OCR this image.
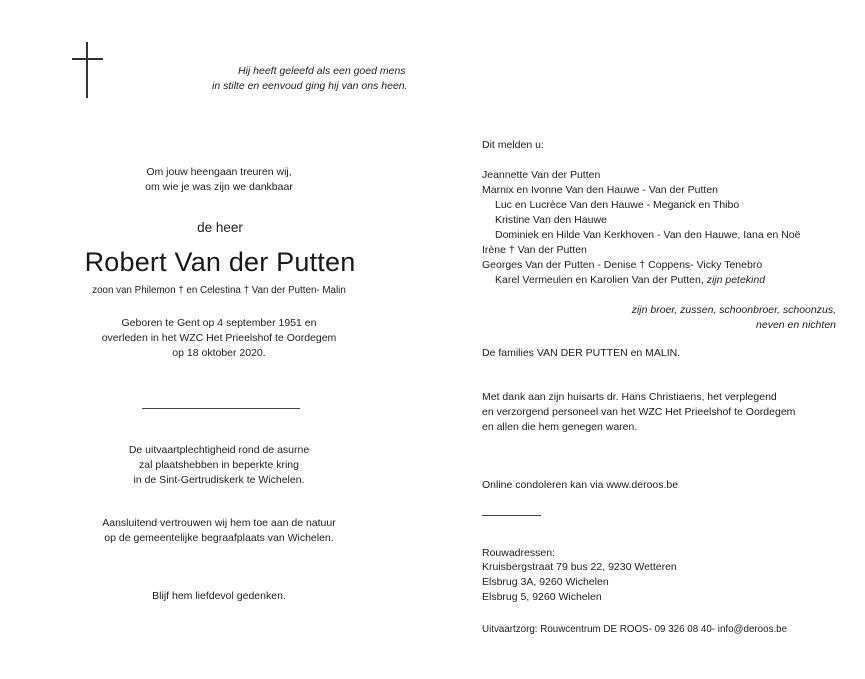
Hij heeft geleefd als een goed mens
in stilte en eenvoud ging hij van ons heen.
Om jouw heengaan treuren wij,
om wie je was zijn we dankbaar
de heer
Robert Van der Putten
zoon van Philemon † en Celestina † Van der Putten- Malin
Geboren te Gent op 4 september 1951 en
overleden in het WZC Het Prieelshof te Oordegem
op 18 oktober 2020.
De uitvaartplechtigheid rond de asurne
zal plaatshebben in beperkte kring
in de Sint-Gertrudiskerk te Wichelen.
Aansluitend vertrouwen wij hem toe aan de natuur
op de gemeentelijke begraafplaats van Wichelen.
Blijf hem liefdevol gedenken.
Dit melden u:
Jeannette Van der Putten
Marnix en Ivonne Van den Hauwe - Van der Putten
Luc en Lucrèce Van den Hauwe - Meganck en Thibo
Kristine Van den Hauwe
Dominiek en Hilde Van Kerkhoven - Van den Hauwe, Iana en Noë
Irène † Van der Putten
Georges Van der Putten - Denise † Coppens- Vicky Tenebro
Karel Vermeulen en Karolien Van der Putten, zijn petekind
zijn broer, zussen, schoonbroer, schoonzus,
neven en nichten
De families VAN DER PUTTEN en MALIN.
Met dank aan zijn huisarts dr. Hans Christiaens, het verplegend
en verzorgend personeel van het WZC Het Prieelshof te Oordegem
en allen die hem genegen waren.
Online condoleren kan via www.deroos.be
Rouwadressen:
Kruisbergstraat 79 bus 22, 9230 Wetteren
Elsbrug 3A, 9260 Wichelen
Elsbrug 5, 9260 Wichelen
Uitvaartzorg: Rouwcentrum DE ROOS- 09 326 08 40- info@deroos.be
